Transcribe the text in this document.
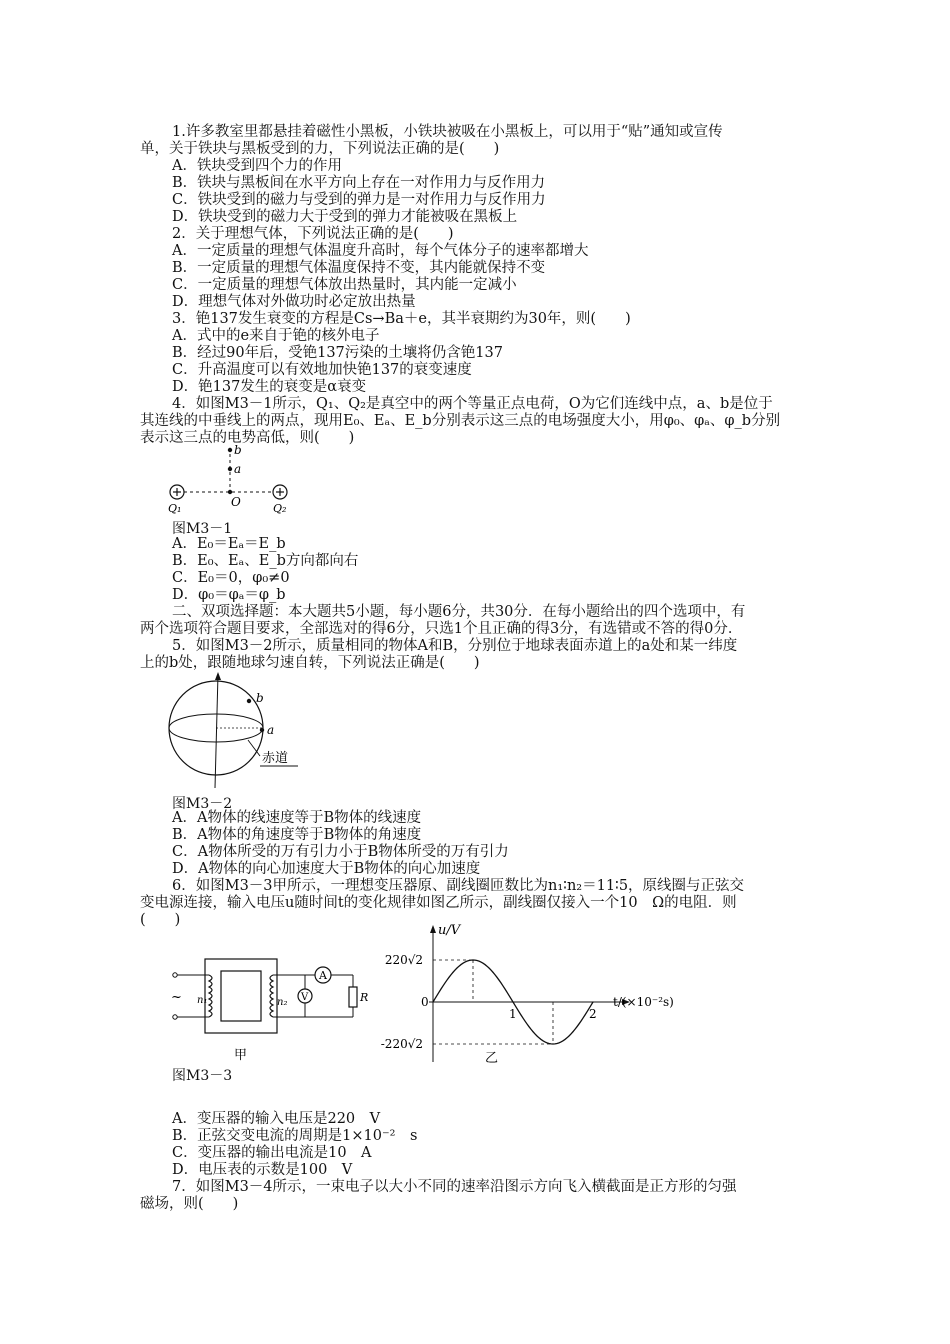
1.许多教室里都悬挂着磁性小黑板，小铁块被吸在小黑板上，可以用于“贴”通知或宣传
单，关于铁块与黑板受到的力，下列说法正确的是(　　)
A．铁块受到四个力的作用
B．铁块与黑板间在水平方向上存在一对作用力与反作用力
C．铁块受到的磁力与受到的弹力是一对作用力与反作用力
D．铁块受到的磁力大于受到的弹力才能被吸在黑板上
2．关于理想气体，下列说法正确的是(　　)
A．一定质量的理想气体温度升高时，每个气体分子的速率都增大
B．一定质量的理想气体温度保持不变，其内能就保持不变
C．一定质量的理想气体放出热量时，其内能一定减小
D．理想气体对外做功时必定放出热量
3．铯137发生衰变的方程是Cs→Ba＋e，其半衰期约为30年，则(　　)
A．式中的e来自于铯的核外电子
B．经过90年后，受铯137污染的土壤将仍含铯137
C．升高温度可以有效地加快铯137的衰变速度
D．铯137发生的衰变是α衰变
4．如图M3－1所示，Q₁、Q₂是真空中的两个等量正点电荷，O为它们连线中点，a、b是位于
其连线的中垂线上的两点，现用E₀、Eₐ、E_b分别表示这三点的电场强度大小，用φ₀、φₐ、φ_b分别
表示这三点的电势高低，则(　　)
b
a
O
Q₁	Q₂
图M3－1
A．E₀＝Eₐ＝E_b
B．E₀、Eₐ、E_b方向都向右
C．E₀＝0，φ₀≠0
D．φ₀＝φₐ＝φ_b
二、双项选择题：本大题共5小题，每小题6分，共30分．在每小题给出的四个选项中，有
两个选项符合题目要求，全部选对的得6分，只选1个且正确的得3分，有选错或不答的得0分．
5．如图M3－2所示，质量相同的物体A和B，分别位于地球表面赤道上的a处和某一纬度
上的b处，跟随地球匀速自转，下列说法正确是(　　)
b
a
赤道
图M3－2
A．A物体的线速度等于B物体的线速度
B．A物体的角速度等于B物体的角速度
C．A物体所受的万有引力小于B物体所受的万有引力
D．A物体的向心加速度大于B物体的向心加速度
6．如图M3－3甲所示，一理想变压器原、副线圈匝数比为n₁∶n₂＝11∶5，原线圈与正弦交
变电源连接，输入电压u随时间t的变化规律如图乙所示，副线圈仅接入一个10　Ω的电阻．则
(　　)
~ n₁	n₂
A
R
V
甲
u/V
t/(×10⁻²s)
220√2
0
-220√2
1	2
乙
图M3－3
A．变压器的输入电压是220　V
B．正弦交变电流的周期是1×10⁻²　s
C．变压器的输出电流是10　A
D．电压表的示数是100　V
7．如图M3－4所示，一束电子以大小不同的速率沿图示方向飞入横截面是正方形的匀强
磁场，则(　　)
